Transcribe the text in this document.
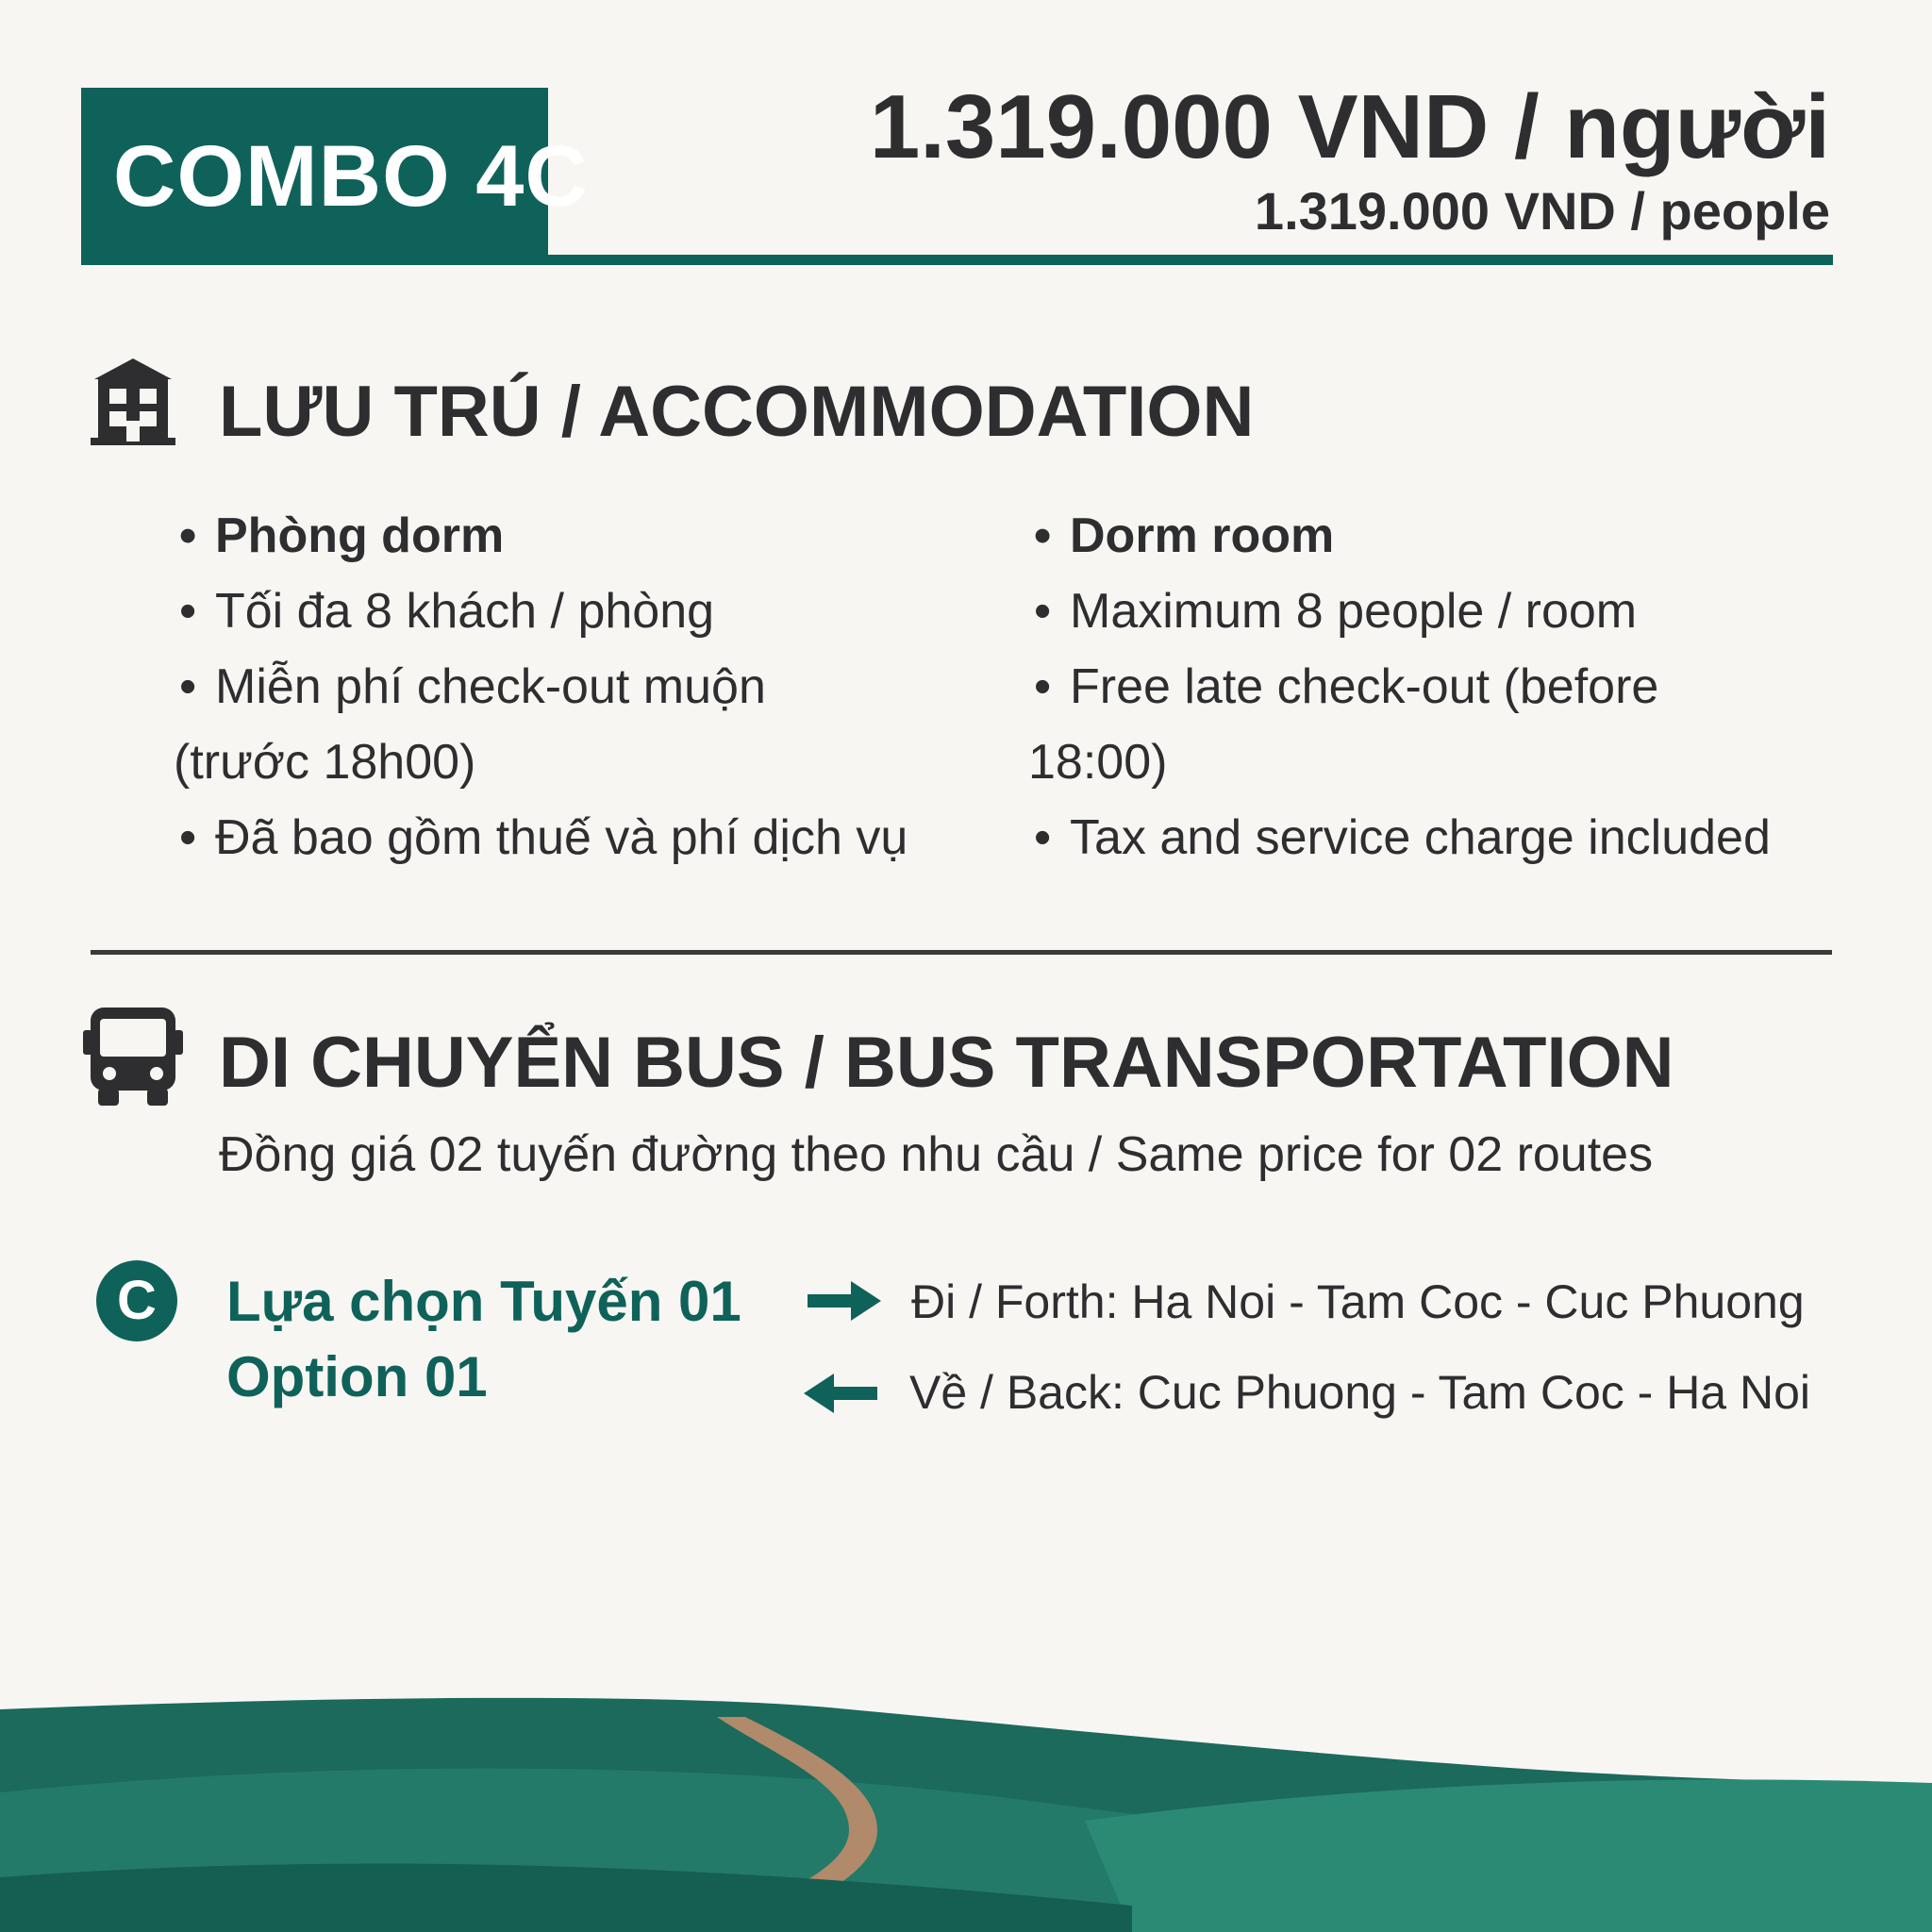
COMBO 4C	1.319.000 VND / người
1.319.000 VND / people
LƯU TRÚ / ACCOMMODATION
• Phòng dorm
• Tối đa 8 khách / phòng
• Miễn phí check-out muộn
(trước 18h00)
• Đã bao gồm thuế và phí dịch vụ
• Dorm room
• Maximum 8 people / room
• Free late check-out (before
18:00)
• Tax and service charge included
DI CHUYỂN BUS / BUS TRANSPORTATION
Đồng giá 02 tuyến đường theo nhu cầu / Same price for 02 routes
C	Lựa chọn Tuyến 01
Option 01
Đi / Forth: Ha Noi - Tam Coc - Cuc Phuong
Về / Back: Cuc Phuong - Tam Coc - Ha Noi
